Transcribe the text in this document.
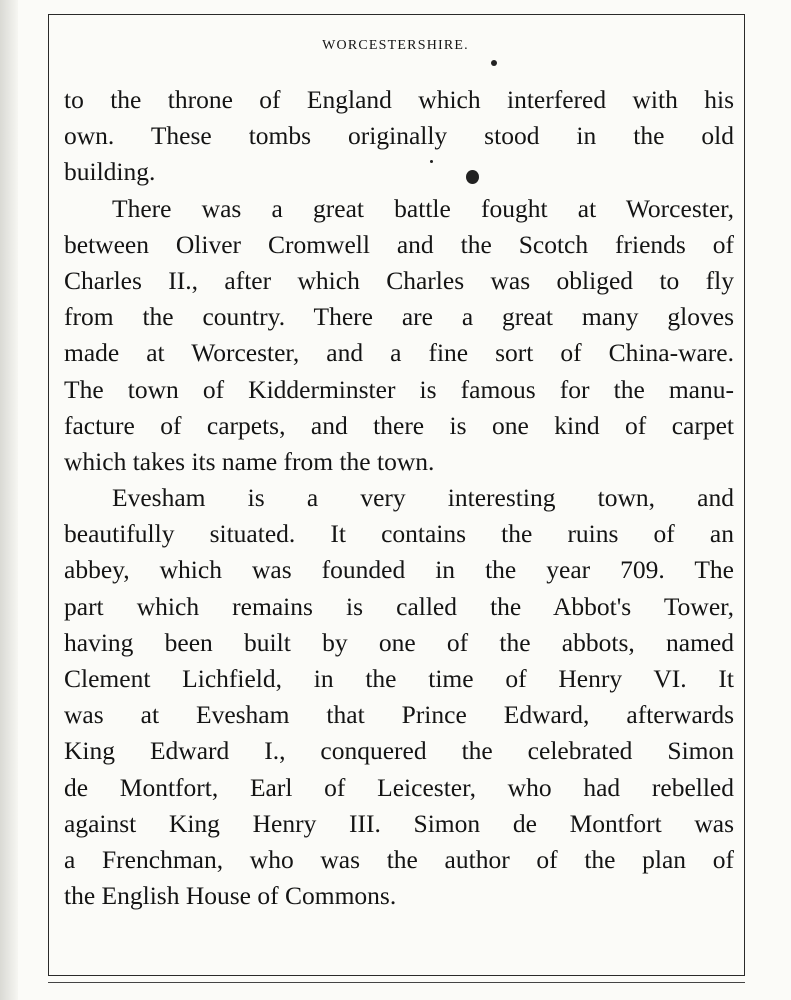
WORCESTERSHIRE.
to the throne of England which interfered with his
own. These tombs originally stood in the old
building.
There was a great battle fought at Worcester,
between Oliver Cromwell and the Scotch friends of
Charles II., after which Charles was obliged to fly
from the country. There are a great many gloves
made at Worcester, and a fine sort of China-ware.
The town of Kidderminster is famous for the manu-
facture of carpets, and there is one kind of carpet
which takes its name from the town.
Evesham is a very interesting town, and
beautifully situated. It contains the ruins of an
abbey, which was founded in the year 709. The
part which remains is called the Abbot's Tower,
having been built by one of the abbots, named
Clement Lichfield, in the time of Henry VI. It
was at Evesham that Prince Edward, afterwards
King Edward I., conquered the celebrated Simon
de Montfort, Earl of Leicester, who had rebelled
against King Henry III. Simon de Montfort was
a Frenchman, who was the author of the plan of
the English House of Commons.
